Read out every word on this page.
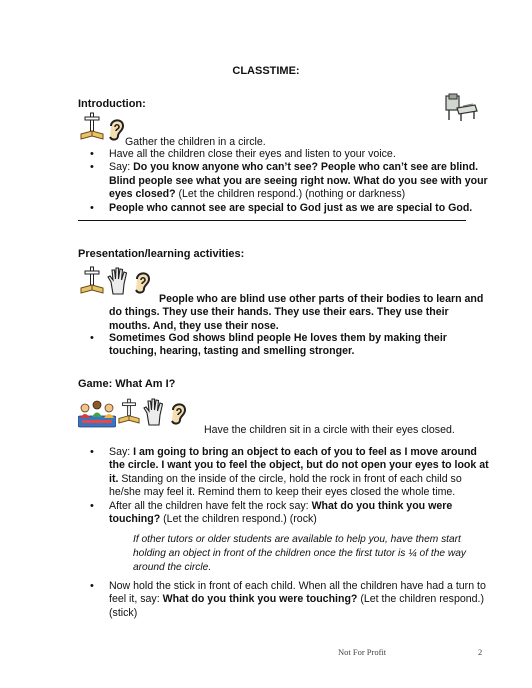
CLASSTIME:
Introduction:
Gather the children in a circle.
• Have all the children close their eyes and listen to your voice.
• Say: Do you know anyone who can’t see? People who can’t see are blind. Blind people see what you are seeing right now. What do you see with your eyes closed? (Let the children respond.) (nothing or darkness)
• People who cannot see are special to God just as we are special to God.
Presentation/learning activities:
People who are blind use other parts of their bodies to learn and do things. They use their hands. They use their ears. They use their mouths. And, they use their nose.
• Sometimes God shows blind people He loves them by making their touching, hearing, tasting and smelling stronger.
Game: What Am I?
Have the children sit in a circle with their eyes closed.
• Say: I am going to bring an object to each of you to feel as I move around the circle. I want you to feel the object, but do not open your eyes to look at it. Standing on the inside of the circle, hold the rock in front of each child so he/she may feel it. Remind them to keep their eyes closed the whole time.
• After all the children have felt the rock say: What do you think you were touching? (Let the children respond.) (rock)
If other tutors or older students are available to help you, have them start holding an object in front of the children once the first tutor is ¼ of the way around the circle.
• Now hold the stick in front of each child. When all the children have had a turn to feel it, say: What do you think you were touching? (Let the children respond.) (stick)
Not For Profit	2
